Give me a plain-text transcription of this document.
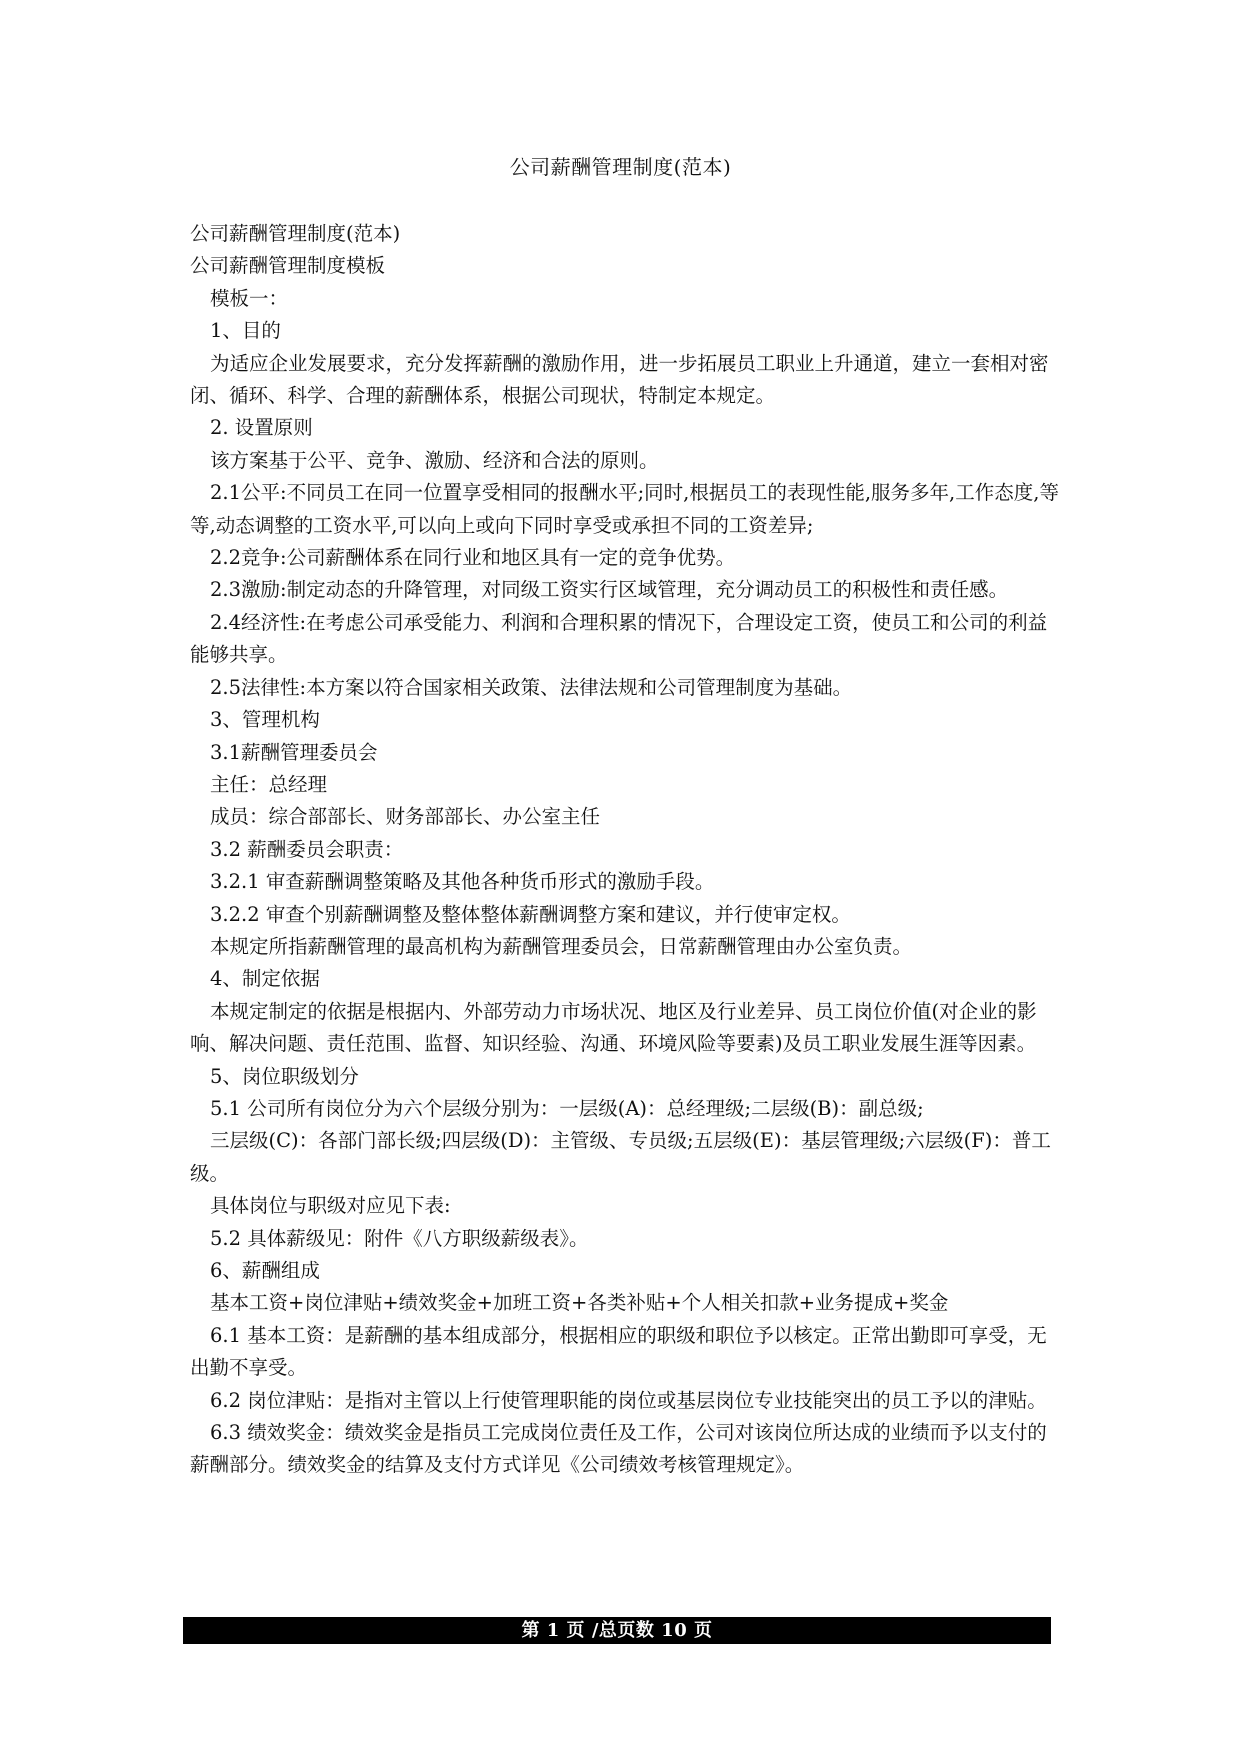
公司薪酬管理制度(范本)

公司薪酬管理制度(范本)

公司薪酬管理制度模板

模板一：

1、目的

为适应企业发展要求，充分发挥薪酬的激励作用，进一步拓展员工职业上升通道，建立一套相对密闭、循环、科学、合理的薪酬体系，根据公司现状，特制定本规定。

2. 设置原则

该方案基于公平、竞争、激励、经济和合法的原则。

2.1公平:不同员工在同一位置享受相同的报酬水平;同时,根据员工的表现性能,服务多年,工作态度,等等,动态调整的工资水平,可以向上或向下同时享受或承担不同的工资差异;

2.2竞争:公司薪酬体系在同行业和地区具有一定的竞争优势。

2.3激励:制定动态的升降管理，对同级工资实行区域管理，充分调动员工的积极性和责任感。

2.4经济性:在考虑公司承受能力、利润和合理积累的情况下，合理设定工资，使员工和公司的利益能够共享。

2.5法律性:本方案以符合国家相关政策、法律法规和公司管理制度为基础。

3、管理机构

3.1薪酬管理委员会

主任：总经理

成员：综合部部长、财务部部长、办公室主任

3.2 薪酬委员会职责：

3.2.1 审查薪酬调整策略及其他各种货币形式的激励手段。

3.2.2 审查个别薪酬调整及整体整体薪酬调整方案和建议，并行使审定权。

本规定所指薪酬管理的最高机构为薪酬管理委员会，日常薪酬管理由办公室负责。

4、制定依据

本规定制定的依据是根据内、外部劳动力市场状况、地区及行业差异、员工岗位价值(对企业的影响、解决问题、责任范围、监督、知识经验、沟通、环境风险等要素)及员工职业发展生涯等因素。

5、岗位职级划分

5.1 公司所有岗位分为六个层级分别为：一层级(A)：总经理级;二层级(B)：副总级;

三层级(C)：各部门部长级;四层级(D)：主管级、专员级;五层级(E)：基层管理级;六层级(F)：普工级。

具体岗位与职级对应见下表:

5.2 具体薪级见：附件《八方职级薪级表》。

6、薪酬组成

基本工资+岗位津贴+绩效奖金+加班工资+各类补贴+个人相关扣款+业务提成+奖金

6.1 基本工资：是薪酬的基本组成部分，根据相应的职级和职位予以核定。正常出勤即可享受，无出勤不享受。

6.2 岗位津贴：是指对主管以上行使管理职能的岗位或基层岗位专业技能突出的员工予以的津贴。

6.3 绩效奖金：绩效奖金是指员工完成岗位责任及工作，公司对该岗位所达成的业绩而予以支付的薪酬部分。绩效奖金的结算及支付方式详见《公司绩效考核管理规定》。

第 1 页 /总页数 10 页
